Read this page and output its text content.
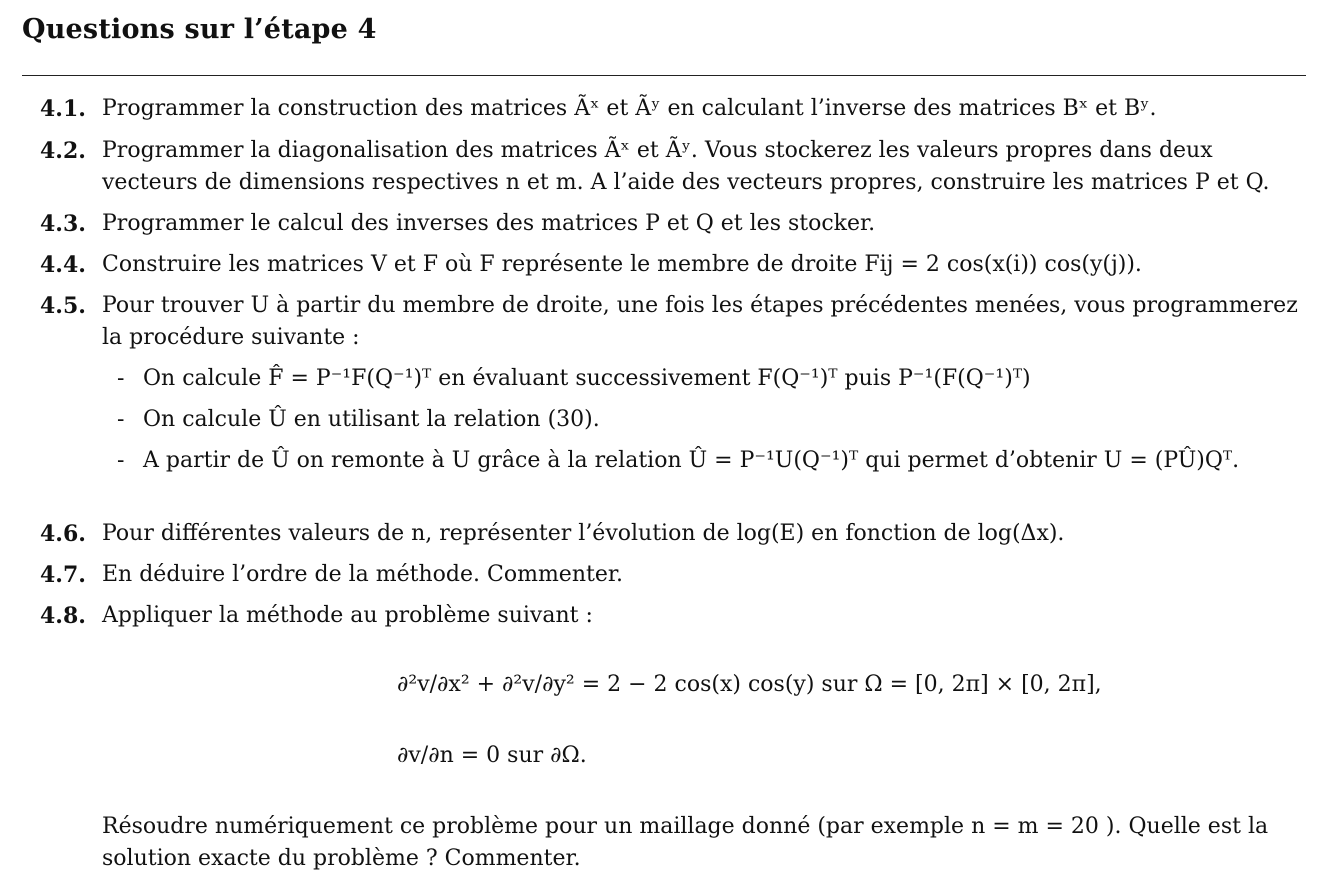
Questions sur l’étape 4
4.1. Programmer la construction des matrices Ãˣ et Ãʸ en calculant l’inverse des matrices Bˣ et Bʸ.
4.2. Programmer la diagonalisation des matrices Ãˣ et Ãʸ. Vous stockerez les valeurs propres dans deux
vecteurs de dimensions respectives n et m. A l’aide des vecteurs propres, construire les matrices P et Q.
4.3. Programmer le calcul des inverses des matrices P et Q et les stocker.
4.4. Construire les matrices V et F où F représente le membre de droite Fij = 2 cos(x(i)) cos(y(j)).
4.5. Pour trouver U à partir du membre de droite, une fois les étapes précédentes menées, vous programmerez
la procédure suivante :
- On calcule F̂ = P⁻¹F(Q⁻¹)ᵀ en évaluant successivement F(Q⁻¹)ᵀ puis P⁻¹(F(Q⁻¹)ᵀ)
- On calcule Û en utilisant la relation (30).
- A partir de Û on remonte à U grâce à la relation Û = P⁻¹U(Q⁻¹)ᵀ qui permet d’obtenir U = (PÛ)Qᵀ.
4.6. Pour différentes valeurs de n, représenter l’évolution de log(E) en fonction de log(Δx).
4.7. En déduire l’ordre de la méthode. Commenter.
4.8. Appliquer la méthode au problème suivant :
∂²v/∂x² + ∂²v/∂y² = 2 − 2 cos(x) cos(y) sur Ω = [0, 2π] × [0, 2π],
∂v/∂n = 0 sur ∂Ω.
Résoudre numériquement ce problème pour un maillage donné (par exemple n = m = 20 ). Quelle est la
solution exacte du problème ? Commenter.
